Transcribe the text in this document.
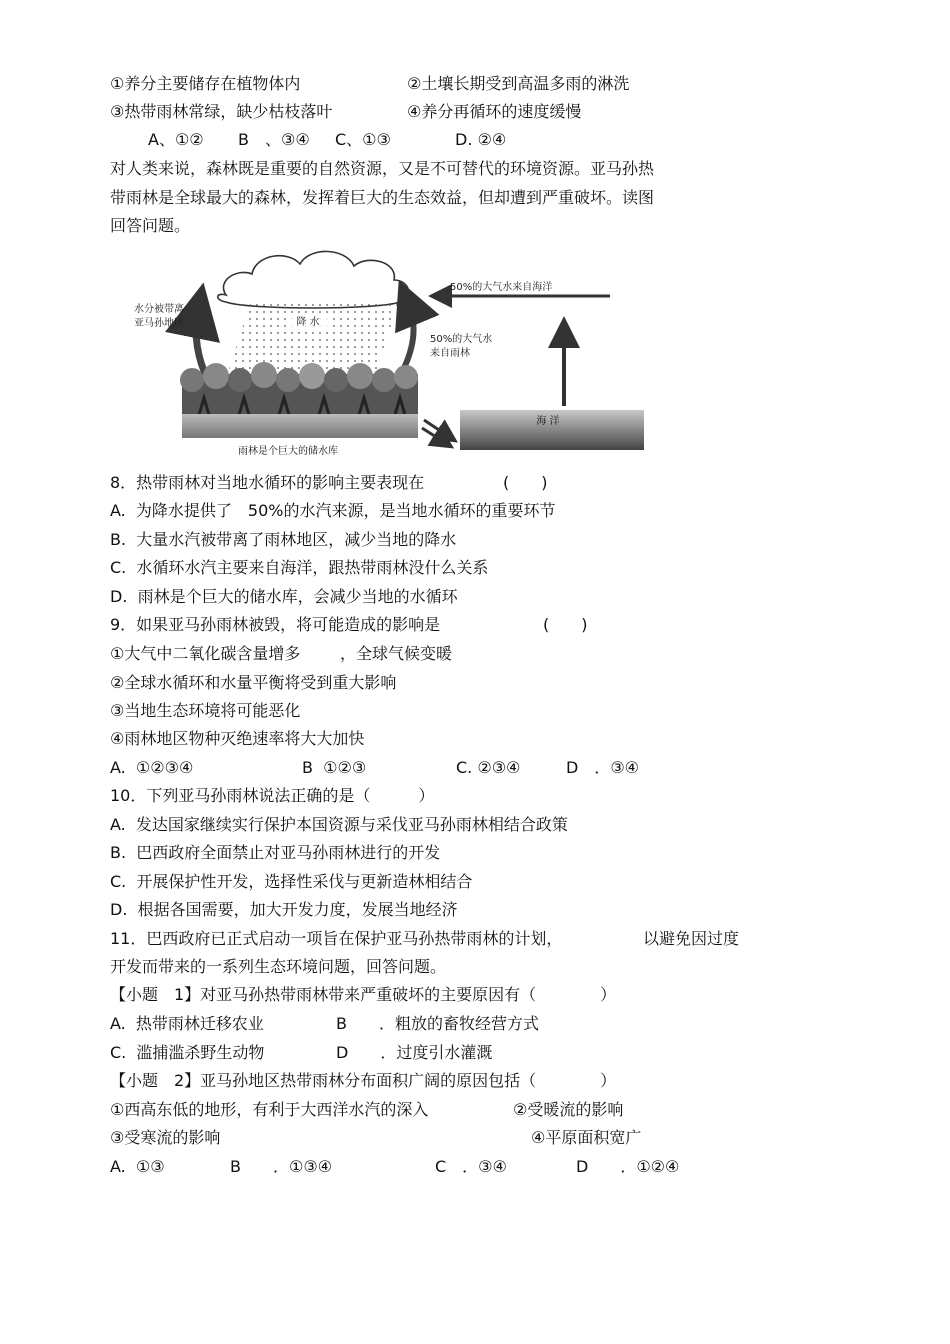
①养分主要储存在植物体内	②土壤长期受到高温多雨的淋洗
③热带雨林常绿，缺少枯枝落叶	④养分再循环的速度缓慢
A、①② B　、③④ C、①③	D. ②④
对人类来说，森林既是重要的自然资源，又是不可替代的环境资源。亚马孙热
带雨林是全球最大的森林，发挥着巨大的生态效益，但却遭到严重破坏。读图
回答问题。
降 水
水分被带离
亚马孙地区
海 洋
50%的大气水来自海洋
50%的大气水
来自雨林
雨林是个巨大的储水库
8．热带雨林对当地水循环的影响主要表现在	(　　)
A.  为降水提供了　50%的水汽来源，是当地水循环的重要环节
B.  大量水汽被带离了雨林地区，减少当地的降水
C.  水循环水汽主要来自海洋，跟热带雨林没什么关系
D.  雨林是个巨大的储水库，会减少当地的水循环
9．如果亚马孙雨林被毁，将可能造成的影响是	(　　)
①大气中二氧化碳含量增多 ，全球气候变暖
②全球水循环和水量平衡将受到重大影响
③当地生态环境将可能恶化
④雨林地区物种灭绝速率将大大加快
A.  ①②③④	B  ①②③	C. ②③④	D　．③④
10．下列亚马孙雨林说法正确的是（　　　）
A.  发达国家继续实行保护本国资源与采伐亚马孙雨林相结合政策
B.  巴西政府全面禁止对亚马孙雨林进行的开发
C.  开展保护性开发，选择性采伐与更新造林相结合
D.  根据各国需要，加大开发力度，发展当地经济
11．巴西政府已正式启动一项旨在保护亚马孙热带雨林的计划，	以避免因过度
开发而带来的一系列生态环境问题，回答问题。
【小题　1】对亚马孙热带雨林带来严重破坏的主要原因有（　　　　）
A.  热带雨林迁移农业	B　　．粗放的畜牧经营方式
C.  滥捕滥杀野生动物	D　　．过度引水灌溉
【小题　2】亚马孙地区热带雨林分布面积广阔的原因包括（　　　　）
①西高东低的地形，有利于大西洋水汽的深入	②受暖流的影响
③受寒流的影响	④平原面积宽广
A.  ①③	B　　．①③④	C　．③④	D　　．①②④
